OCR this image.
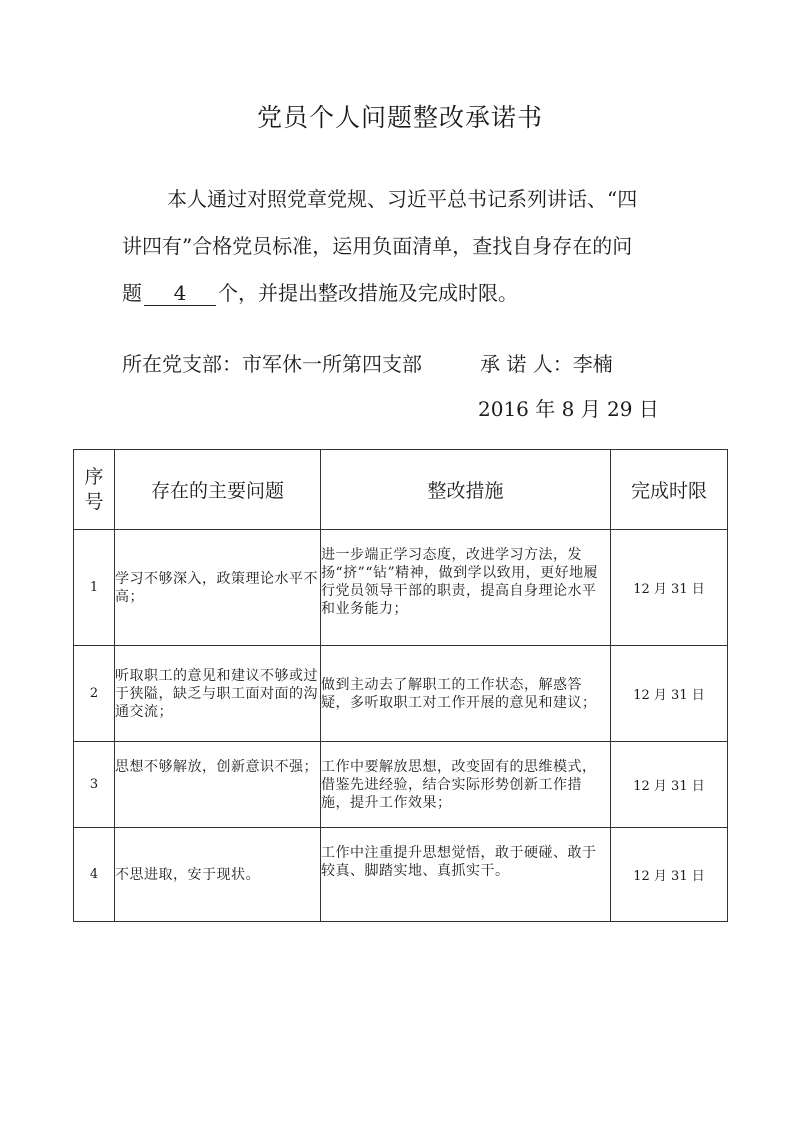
党员个人问题整改承诺书
本人通过对照党章党规、习近平总书记系列讲话、“四
讲四有”合格党员标准，运用负面清单，查找自身存在的问
题 4 个，并提出整改措施及完成时限。
所在党支部：市军休一所第四支部	承 诺 人：李楠
2016 年 8 月 29 日
序
号	存在的主要问题	整改措施	完成时限
1	学习不够深入，政策理论水平不高；	进一步端正学习态度，改进学习方法，发扬“挤”“钻”精神，做到学以致用，更好地履行党员领导干部的职责，提高自身理论水平和业务能力；	12 月 31 日
2	听取职工的意见和建议不够或过于狭隘，缺乏与职工面对面的沟通交流；	做到主动去了解职工的工作状态，解惑答疑，多听取职工对工作开展的意见和建议；	12 月 31 日
3	思想不够解放，创新意识不强；	工作中要解放思想，改变固有的思维模式，借鉴先进经验，结合实际形势创新工作措施，提升工作效果；	12 月 31 日
4	不思进取，安于现状。	工作中注重提升思想觉悟，敢于硬碰、敢于较真、脚踏实地、真抓实干。	12 月 31 日
